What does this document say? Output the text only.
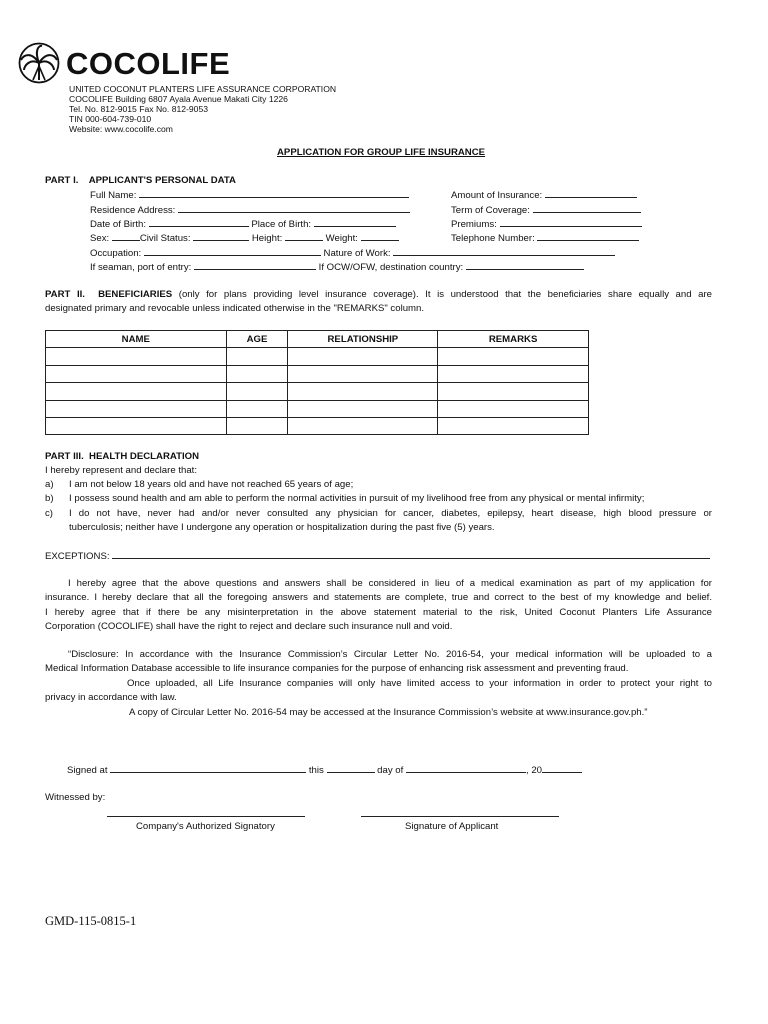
COCOLIFE
UNITED COCONUT PLANTERS LIFE ASSURANCE CORPORATION
COCOLIFE Building 6807 Ayala Avenue Makati City 1226
Tel. No. 812-9015 Fax No. 812-9053
TIN 000-604-739-010
Website: www.cocolife.com
APPLICATION FOR GROUP LIFE INSURANCE
PART I.    APPLICANT'S PERSONAL DATA
Full Name:
Residence Address:
Date of Birth:	Place of Birth:
Sex:	Civil Status:	Height:	Weight:
Occupation:	Nature of Work:
If seaman, port of entry:	If OCW/OFW, destination country:
Amount of Insurance:
Term of Coverage:
Premiums:
Telephone Number:
PART II.  BENEFICIARIES (only for plans providing level insurance coverage). It is understood that the beneficiaries share equally and are
designated primary and revocable unless indicated otherwise in the "REMARKS" column.
NAME	AGE	RELATIONSHIP	REMARKS

PART III.  HEALTH DECLARATION
I hereby represent and declare that:
a) I am not below 18 years old and have not reached 65 years of age;
b) I possess sound health and am able to perform the normal activities in pursuit of my livelihood free from any physical or mental infirmity;
c) I do not have, never had and/or never consulted any physician for cancer, diabetes, epilepsy, heart disease, high blood pressure or
tuberculosis; neither have I undergone any operation or hospitalization during the past five (5) years.
EXCEPTIONS:
I hereby agree that the above questions and answers shall be considered in lieu of a medical examination as part of my application for
insurance. I hereby declare that all the foregoing answers and statements are complete, true and correct to the best of my knowledge and belief.
I hereby agree that if there be any misinterpretation in the above statement material to the risk, United Coconut Planters Life Assurance
Corporation (COCOLIFE) shall have the right to reject and declare such insurance null and void.
“Disclosure: In accordance with the Insurance Commission’s Circular Letter No. 2016-54, your medical information will be uploaded to a
Medical Information Database accessible to life insurance companies for the purpose of enhancing risk assessment and preventing fraud.
Once uploaded, all Life Insurance companies will only have limited access to your information in order to protect your right to
privacy in accordance with law.
A copy of Circular Letter No. 2016-54 may be accessed at the Insurance Commission’s website at www.insurance.gov.ph.”
Signed at	this	day of	, 20
Witnessed by:
Company's Authorized Signatory	Signature of Applicant
GMD-115-0815-1
